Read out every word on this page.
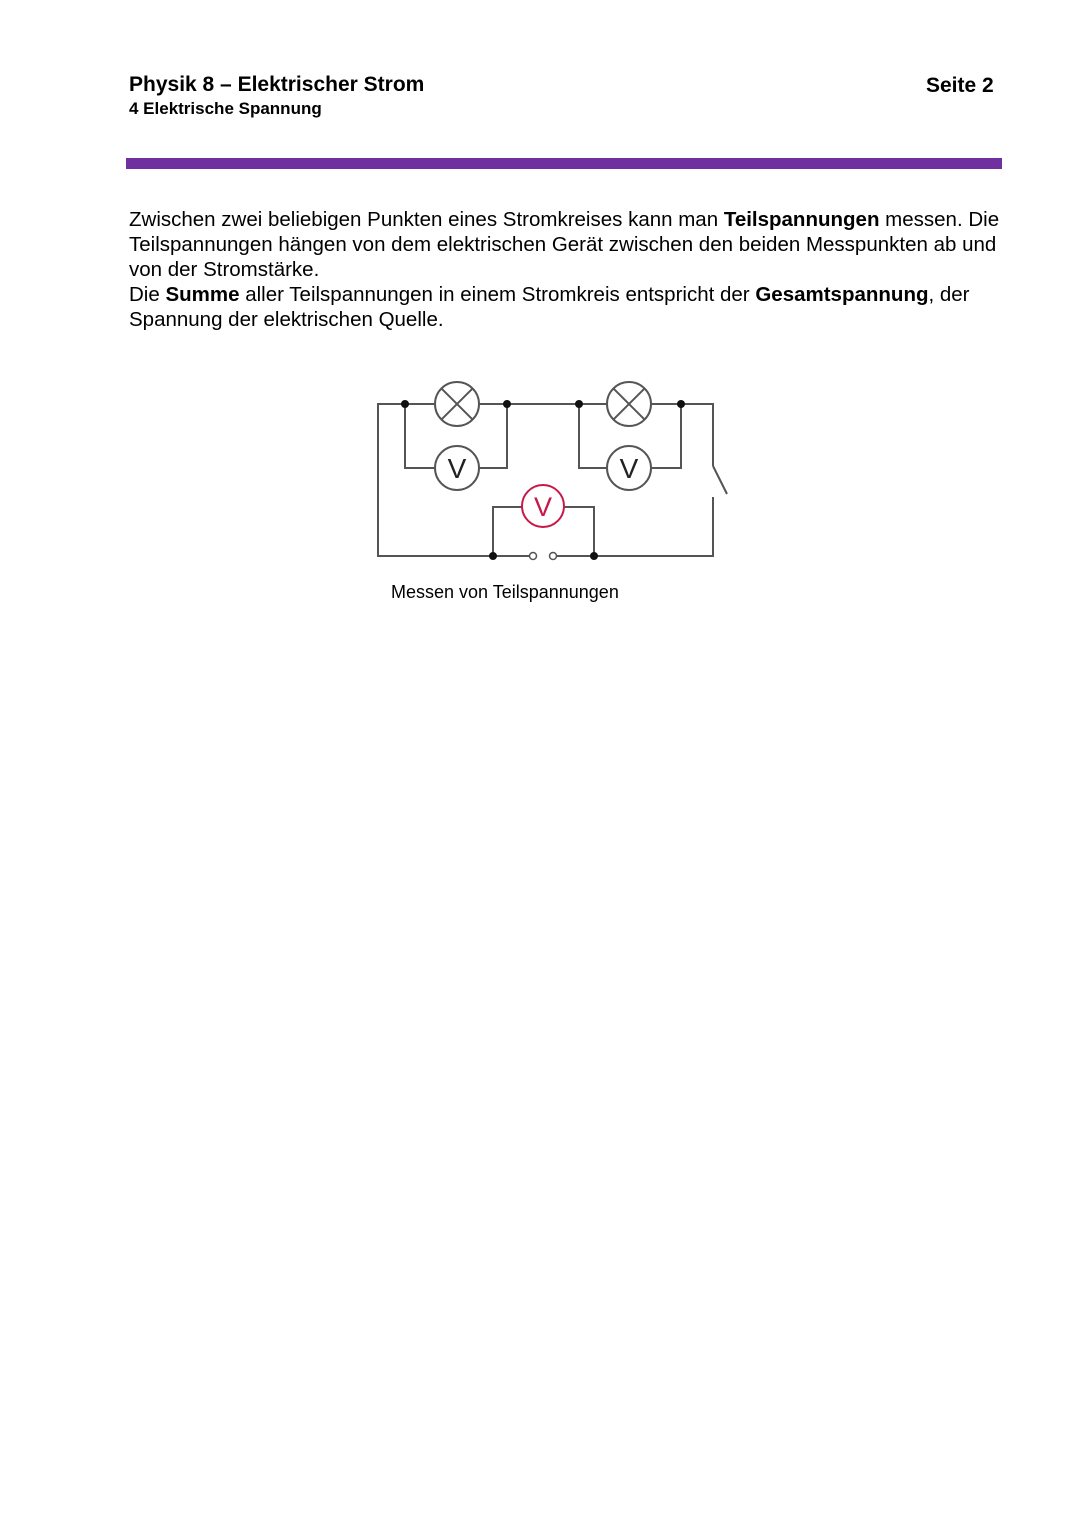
Physik 8 – Elektrischer Strom
4 Elektrische Spannung
Seite 2

Zwischen zwei beliebigen Punkten eines Stromkreises kann man Teilspannungen messen. Die Teilspannungen hängen von dem elektrischen Gerät zwischen den beiden Messpunkten ab und von der Stromstärke.
Die Summe aller Teilspannungen in einem Stromkreis entspricht der Gesamtspannung, der Spannung der elektrischen Quelle.

V	V
V
Messen von Teilspannungen
